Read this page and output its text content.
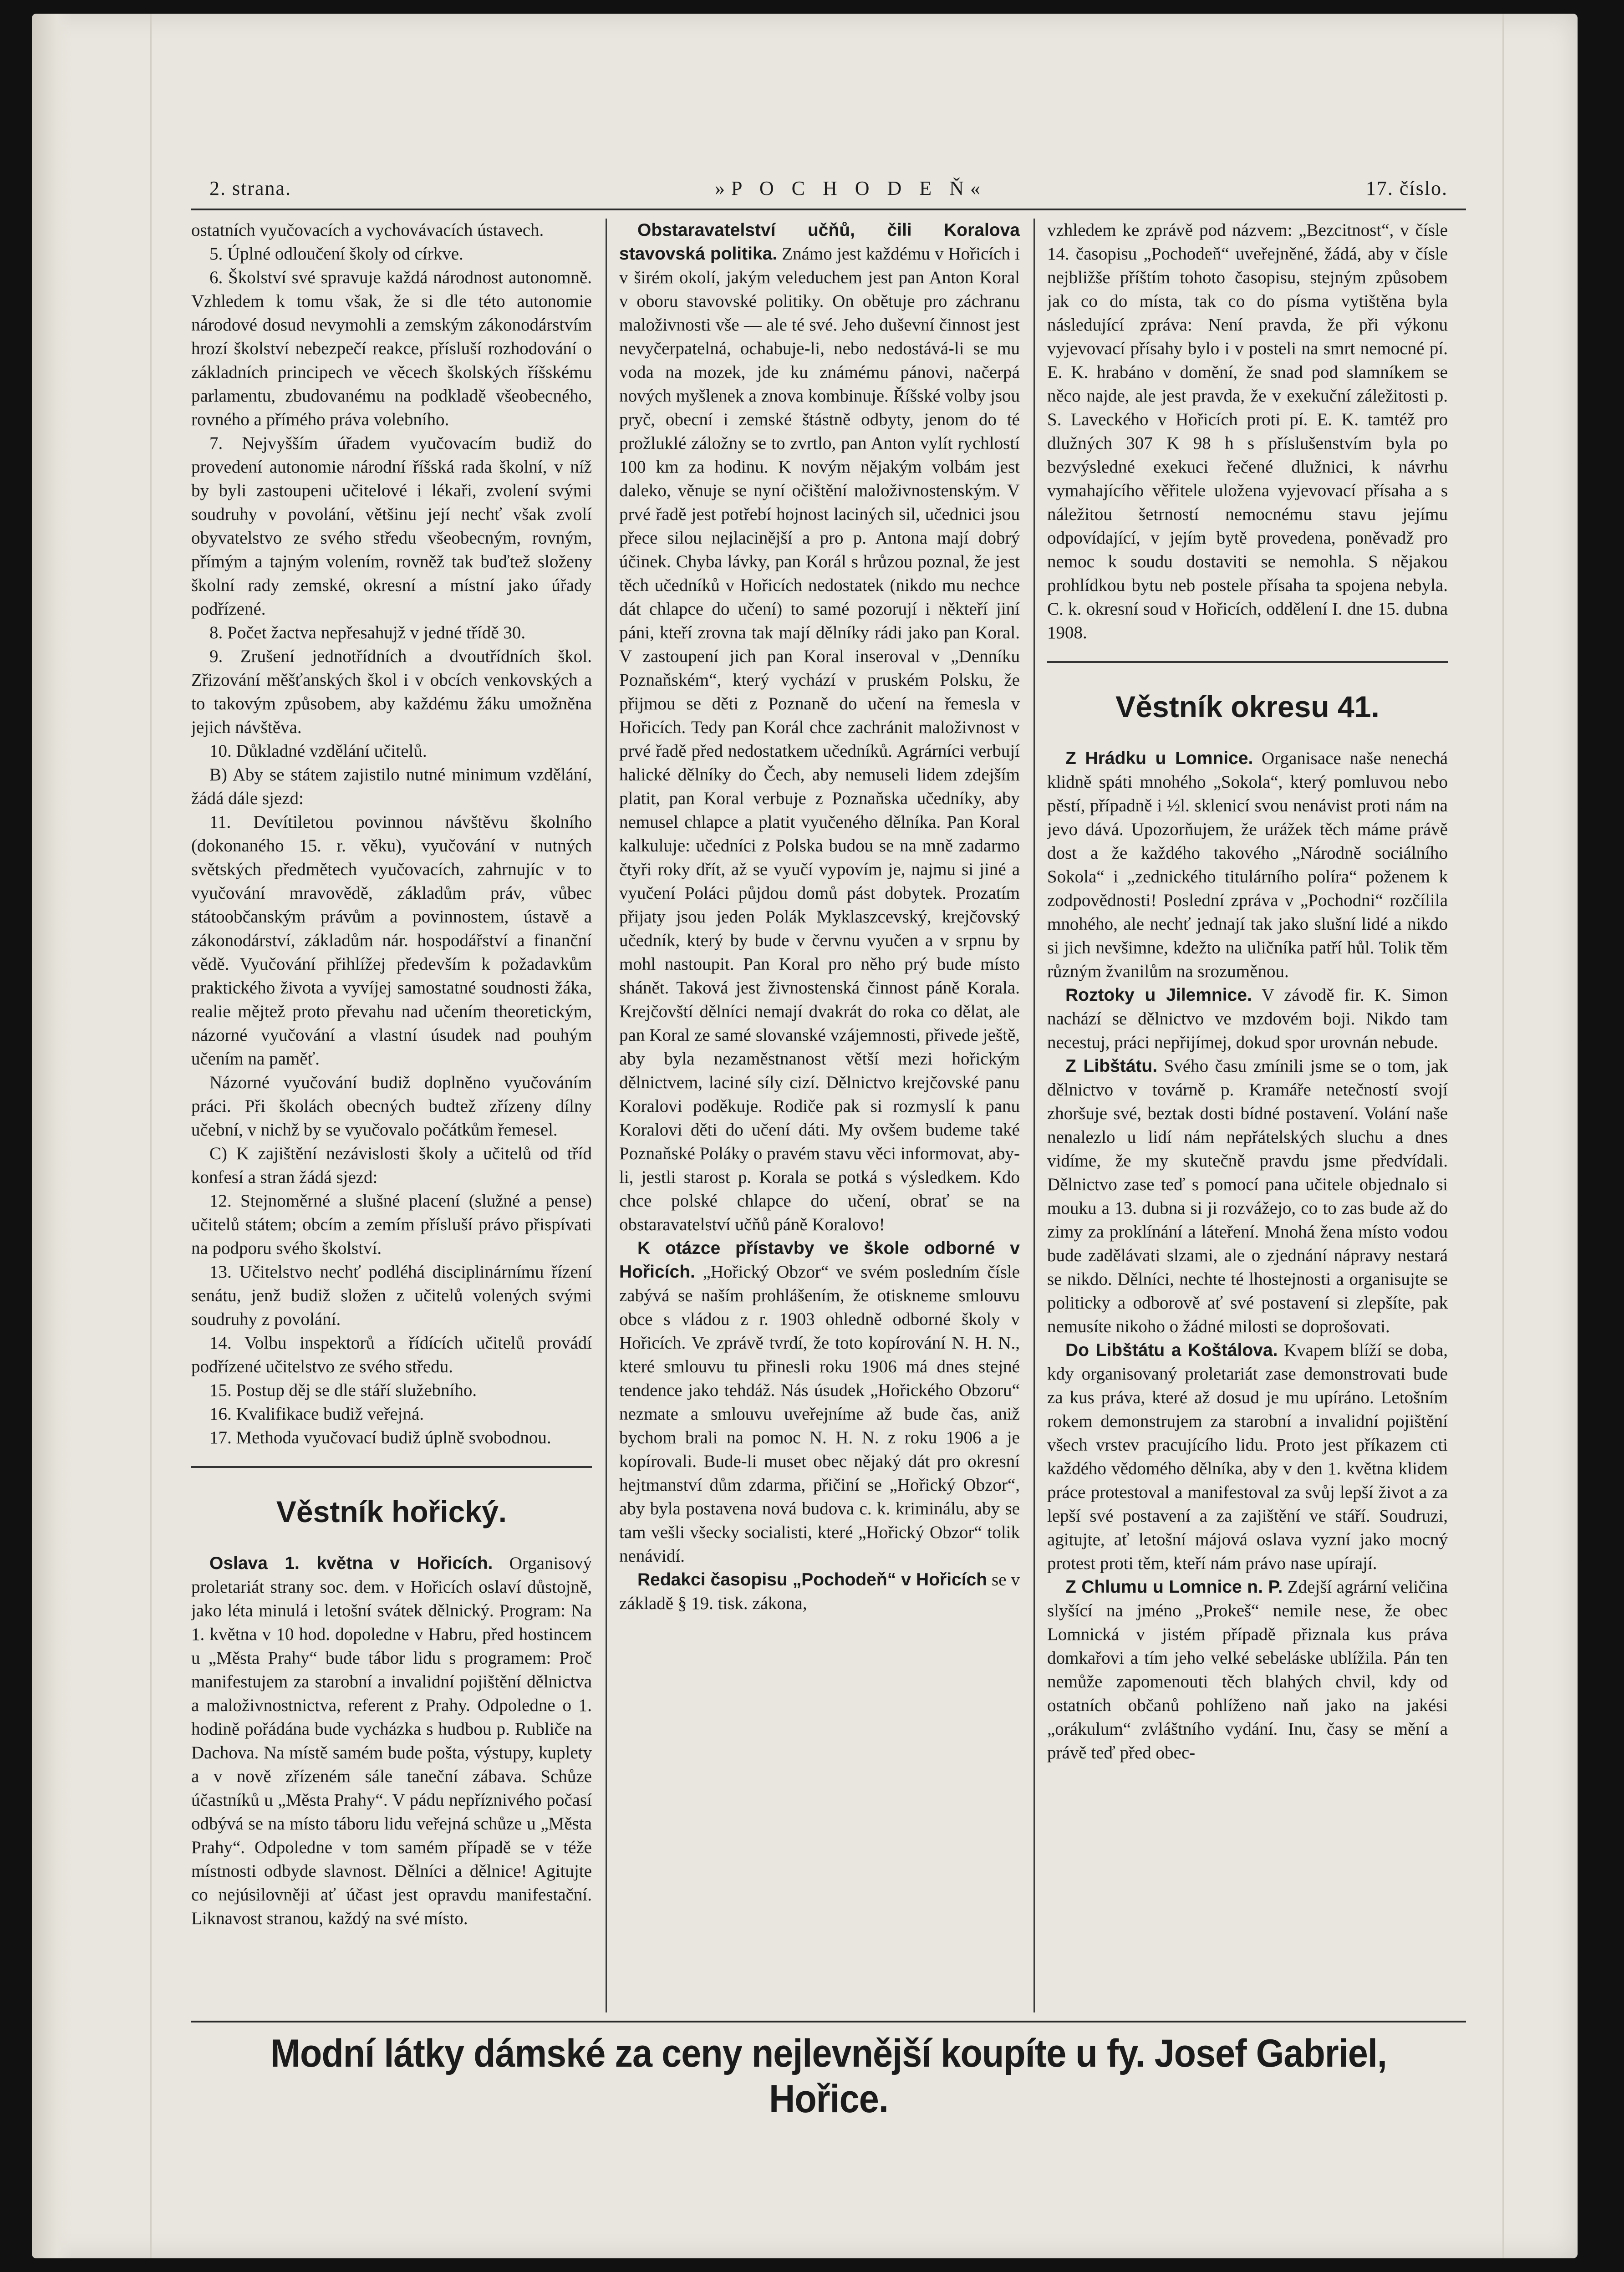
2. strana.	»P O C H O D E Ň«	17. číslo.

ostatních vyučovacích a vychovávacích ústavech.

5. Úplné odloučení školy od církve.

6. Školství své spravuje každá národnost autonomně. Vzhledem k tomu však, že si dle této autonomie národové dosud nevymohli a zemským zákonodárstvím hrozí školství nebezpečí reakce, přísluší rozhodování o základních principech ve věcech školských říšskému parlamentu, zbudovanému na podkladě všeobecného, rovného a přímého práva volebního.

7. Nejvyšším úřadem vyučovacím budiž do provedení autonomie národní říšská rada školní, v níž by byli zastoupeni učitelové i lékaři, zvolení svými soudruhy v povolání, většinu její nechť však zvolí obyvatelstvo ze svého středu všeobecným, rovným, přímým a tajným volením, rovněž tak buďtež složeny školní rady zemské, okresní a místní jako úřady podřízené.

8. Počet žactva nepřesahujž v jedné třídě 30.

9. Zrušení jednotřídních a dvoutřídních škol. Zřizování měšťanských škol i v obcích venkovských a to takovým způsobem, aby každému žáku umožněna jejich návštěva.

10. Důkladné vzdělání učitelů.

B) Aby se státem zajistilo nutné minimum vzdělání, žádá dále sjezd:

11. Devítiletou povinnou návštěvu školního (dokonaného 15. r. věku), vyučování v nutných světských předmětech vyučovacích, zahrnujíc v to vyučování mravovědě, základům práv, vůbec státoobčanským právům a povinnostem, ústavě a zákonodárství, základům nár. hospodářství a finanční vědě. Vyučování přihlížej především k požadavkům praktického života a vyvíjej samostatné soudnosti žáka, realie mějtež proto převahu nad učením theoretickým, názorné vyučování a vlastní úsudek nad pouhým učením na paměť.

Názorné vyučování budiž doplněno vyučováním práci. Při školách obecných budtež zřízeny dílny učební, v nichž by se vyučovalo počátkům řemesel.

C) K zajištění nezávislosti školy a učitelů od tříd konfesí a stran žádá sjezd:

12. Stejnoměrné a slušné placení (služné a pense) učitelů státem; obcím a zemím přísluší právo přispívati na podporu svého školství.

13. Učitelstvo nechť podléhá disciplinárnímu řízení senátu, jenž budiž složen z učitelů volených svými soudruhy z povolání.

14. Volbu inspektorů a řídících učitelů provádí podřízené učitelstvo ze svého středu.

15. Postup děj se dle stáří služebního.

16. Kvalifikace budiž veřejná.

17. Methoda vyučovací budiž úplně svobodnou.

Věstník hořický.

Oslava 1. května v Hořicích. Organisový proletariát strany soc. dem. v Hořicích oslaví důstojně, jako léta minulá i letošní svátek dělnický. Program: Na 1. května v 10 hod. dopoledne v Habru, před hostincem u „Města Prahy“ bude tábor lidu s programem: Proč manifestujem za starobní a invalidní pojištění dělnictva a maloživnostnictva, referent z Prahy. Odpoledne o 1. hodině pořádána bude vycházka s hudbou p. Rubliče na Dachova. Na místě samém bude pošta, výstupy, kuplety a v nově zřízeném sále taneční zábava. Schůze účastníků u „Města Prahy“. V pádu nepříznivého počasí odbývá se na místo táboru lidu veřejná schůze u „Města Prahy“. Odpoledne v tom samém případě se v téže místnosti odbyde slavnost. Dělníci a dělnice! Agitujte co nejúsilovněji ať účast jest opravdu manifestační. Liknavost stranou, každý na své místo.

Obstaravatelství učňů, čili Koralova stavovská politika. Známo jest každému v Hořicích i v širém okolí, jakým veleduchem jest pan Anton Koral v oboru stavovské politiky. On obětuje pro záchranu maloživnosti vše — ale té své. Jeho duševní činnost jest nevyčerpatelná, ochabuje-li, nebo nedostává-li se mu voda na mozek, jde ku známému pánovi, načerpá nových myšlenek a znova kombinuje. Říšské volby jsou pryč, obecní i zemské štástně odbyty, jenom do té prožluklé záložny se to zvrtlo, pan Anton vylít rychlostí 100 km za hodinu. K novým nějakým volbám jest daleko, věnuje se nyní očištění maloživnostenským. V prvé řadě jest potřebí hojnost laciných sil, učednici jsou přece silou nejlacinější a pro p. Antona mají dobrý účinek. Chyba lávky, pan Korál s hrůzou poznal, že jest těch učedníků v Hořicích nedostatek (nikdo mu nechce dát chlapce do učení) to samé pozorují i někteří jiní páni, kteří zrovna tak mají dělníky rádi jako pan Koral. V zastoupení jich pan Koral inseroval v „Denníku Poznaňském“, který vychází v pruském Polsku, že přijmou se děti z Poznaně do učení na řemesla v Hořicích. Tedy pan Korál chce zachránit maloživnost v prvé řadě před nedostatkem učedníků. Agrárníci verbují halické dělníky do Čech, aby nemuseli lidem zdejším platit, pan Koral verbuje z Poznaňska učedníky, aby nemusel chlapce a platit vyučeného dělníka. Pan Koral kalkuluje: učedníci z Polska budou se na mně zadarmo čtyři roky dřít, až se vyučí vypovím je, najmu si jiné a vyučení Poláci půjdou domů pást dobytek. Prozatím přijaty jsou jeden Polák Myklaszcevský, krejčovský učedník, který by bude v červnu vyučen a v srpnu by mohl nastoupit. Pan Koral pro něho prý bude místo shánět. Taková jest živnostenská činnost páně Korala. Krejčovští dělníci nemají dvakrát do roka co dělat, ale pan Koral ze samé slovanské vzájemnosti, přivede ještě, aby byla nezaměstnanost větší mezi hořickým dělnictvem, laciné síly cizí. Dělnictvo krejčovské panu Koralovi poděkuje. Rodiče pak si rozmyslí k panu Koralovi děti do učení dáti. My ovšem budeme také Poznaňské Poláky o pravém stavu věci informovat, aby-li, jestli starost p. Korala se potká s výsledkem. Kdo chce polské chlapce do učení, obrať se na obstaravatelství učňů páně Koralovo!

K otázce přístavby ve škole odborné v Hořicích. „Hořický Obzor“ ve svém posledním čísle zabývá se naším prohlášením, že otiskneme smlouvu obce s vládou z r. 1903 ohledně odborné školy v Hořicích. Ve zprávě tvrdí, že toto kopírování N. H. N., které smlouvu tu přinesli roku 1906 má dnes stejné tendence jako tehdáž. Nás úsudek „Hořického Obzoru“ nezmate a smlouvu uveřejníme až bude čas, aniž bychom brali na pomoc N. H. N. z roku 1906 a je kopírovali. Bude-li muset obec nějaký dát pro okresní hejtmanství dům zdarma, přičiní se „Hořický Obzor“, aby byla postavena nová budova c. k. kriminálu, aby se tam vešli všecky socialisti, které „Hořický Obzor“ tolik nenávidí.

Redakci časopisu „Pochodeň“ v Hořicích se v základě § 19. tisk. zákona,

vzhledem ke zprávě pod názvem: „Bezcitnost“, v čísle 14. časopisu „Pochodeň“ uveřejněné, žádá, aby v čísle nejbližše příštím tohoto časopisu, stejným způsobem jak co do místa, tak co do písma vytištěna byla následující zpráva: Není pravda, že při výkonu vyjevovací přísahy bylo i v posteli na smrt nemocné pí. E. K. hrabáno v domění, že snad pod slamníkem se něco najde, ale jest pravda, že v exekuční záležitosti p. S. Laveckého v Hořicích proti pí. E. K. tamtéž pro dlužných 307 K 98 h s příslušenstvím byla po bezvýsledné exekuci řečené dlužnici, k návrhu vymahajícího věřitele uložena vyjevovací přísaha a s náležitou šetrností nemocnému stavu jejímu odpovídající, v jejím bytě provedena, poněvadž pro nemoc k soudu dostaviti se nemohla. S nějakou prohlídkou bytu neb postele přísaha ta spojena nebyla. C. k. okresní soud v Hořicích, oddělení I. dne 15. dubna 1908.

Věstník okresu 41.

Z Hrádku u Lomnice. Organisace naše nenechá klidně spáti mnohého „Sokola“, který pomluvou nebo pěstí, případně i ½l. sklenicí svou nenávist proti nám na jevo dává. Upozorňujem, že urážek těch máme právě dost a že každého takového „Národně sociálního Sokola“ i „zednického titulárního políra“ poženem k zodpovědnosti! Poslední zpráva v „Pochodni“ rozčílila mnohého, ale nechť jednají tak jako slušní lidé a nikdo si jich nevšimne, kdežto na uličníka patří hůl. Tolik těm různým žvanilům na srozuměnou.

Roztoky u Jilemnice. V závodě fir. K. Simon nachází se dělnictvo ve mzdovém boji. Nikdo tam necestuj, práci nepřijímej, dokud spor urovnán nebude.

Z Libštátu. Svého času zmínili jsme se o tom, jak dělnictvo v továrně p. Kramáře netečností svojí zhoršuje své, beztak dosti bídné postavení. Volání naše nenalezlo u lidí nám nepřátelských sluchu a dnes vidíme, že my skutečně pravdu jsme předvídali. Dělnictvo zase teď s pomocí pana učitele objednalo si mouku a 13. dubna si ji rozvážejo, co to zas bude až do zimy za proklínání a láteření. Mnohá žena místo vodou bude zadělávati slzami, ale o zjednání nápravy nestará se nikdo. Dělníci, nechte té lhostejnosti a organisujte se politicky a odborově ať své postavení si zlepšíte, pak nemusíte nikoho o žádné milosti se doprošovati.

Do Libštátu a Koštálova. Kvapem blíží se doba, kdy organisovaný proletariát zase demonstrovati bude za kus práva, které až dosud je mu upíráno. Letošním rokem demonstrujem za starobní a invalidní pojištění všech vrstev pracujícího lidu. Proto jest příkazem cti každého vědomého dělníka, aby v den 1. května klidem práce protestoval a manifestoval za svůj lepší život a za lepší své postavení a za zajištění ve stáří. Soudruzi, agitujte, ať letošní májová oslava vyzní jako mocný protest proti těm, kteří nám právo nase upírají.

Z Chlumu u Lomnice n. P. Zdejší agrární veličina slyšící na jméno „Prokeš“ nemile nese, že obec Lomnická v jistém případě přiznala kus práva domkařovi a tím jeho velké sebeláske ublížila. Pán ten nemůže zapomenouti těch blahých chvil, kdy od ostatních občanů pohlíženo naň jako na jakési „orákulum“ zvláštního vydání. Inu, časy se mění a právě teď před obec-

Modní látky dámské za ceny nejlevnější koupíte u fy. Josef Gabriel, Hořice.
